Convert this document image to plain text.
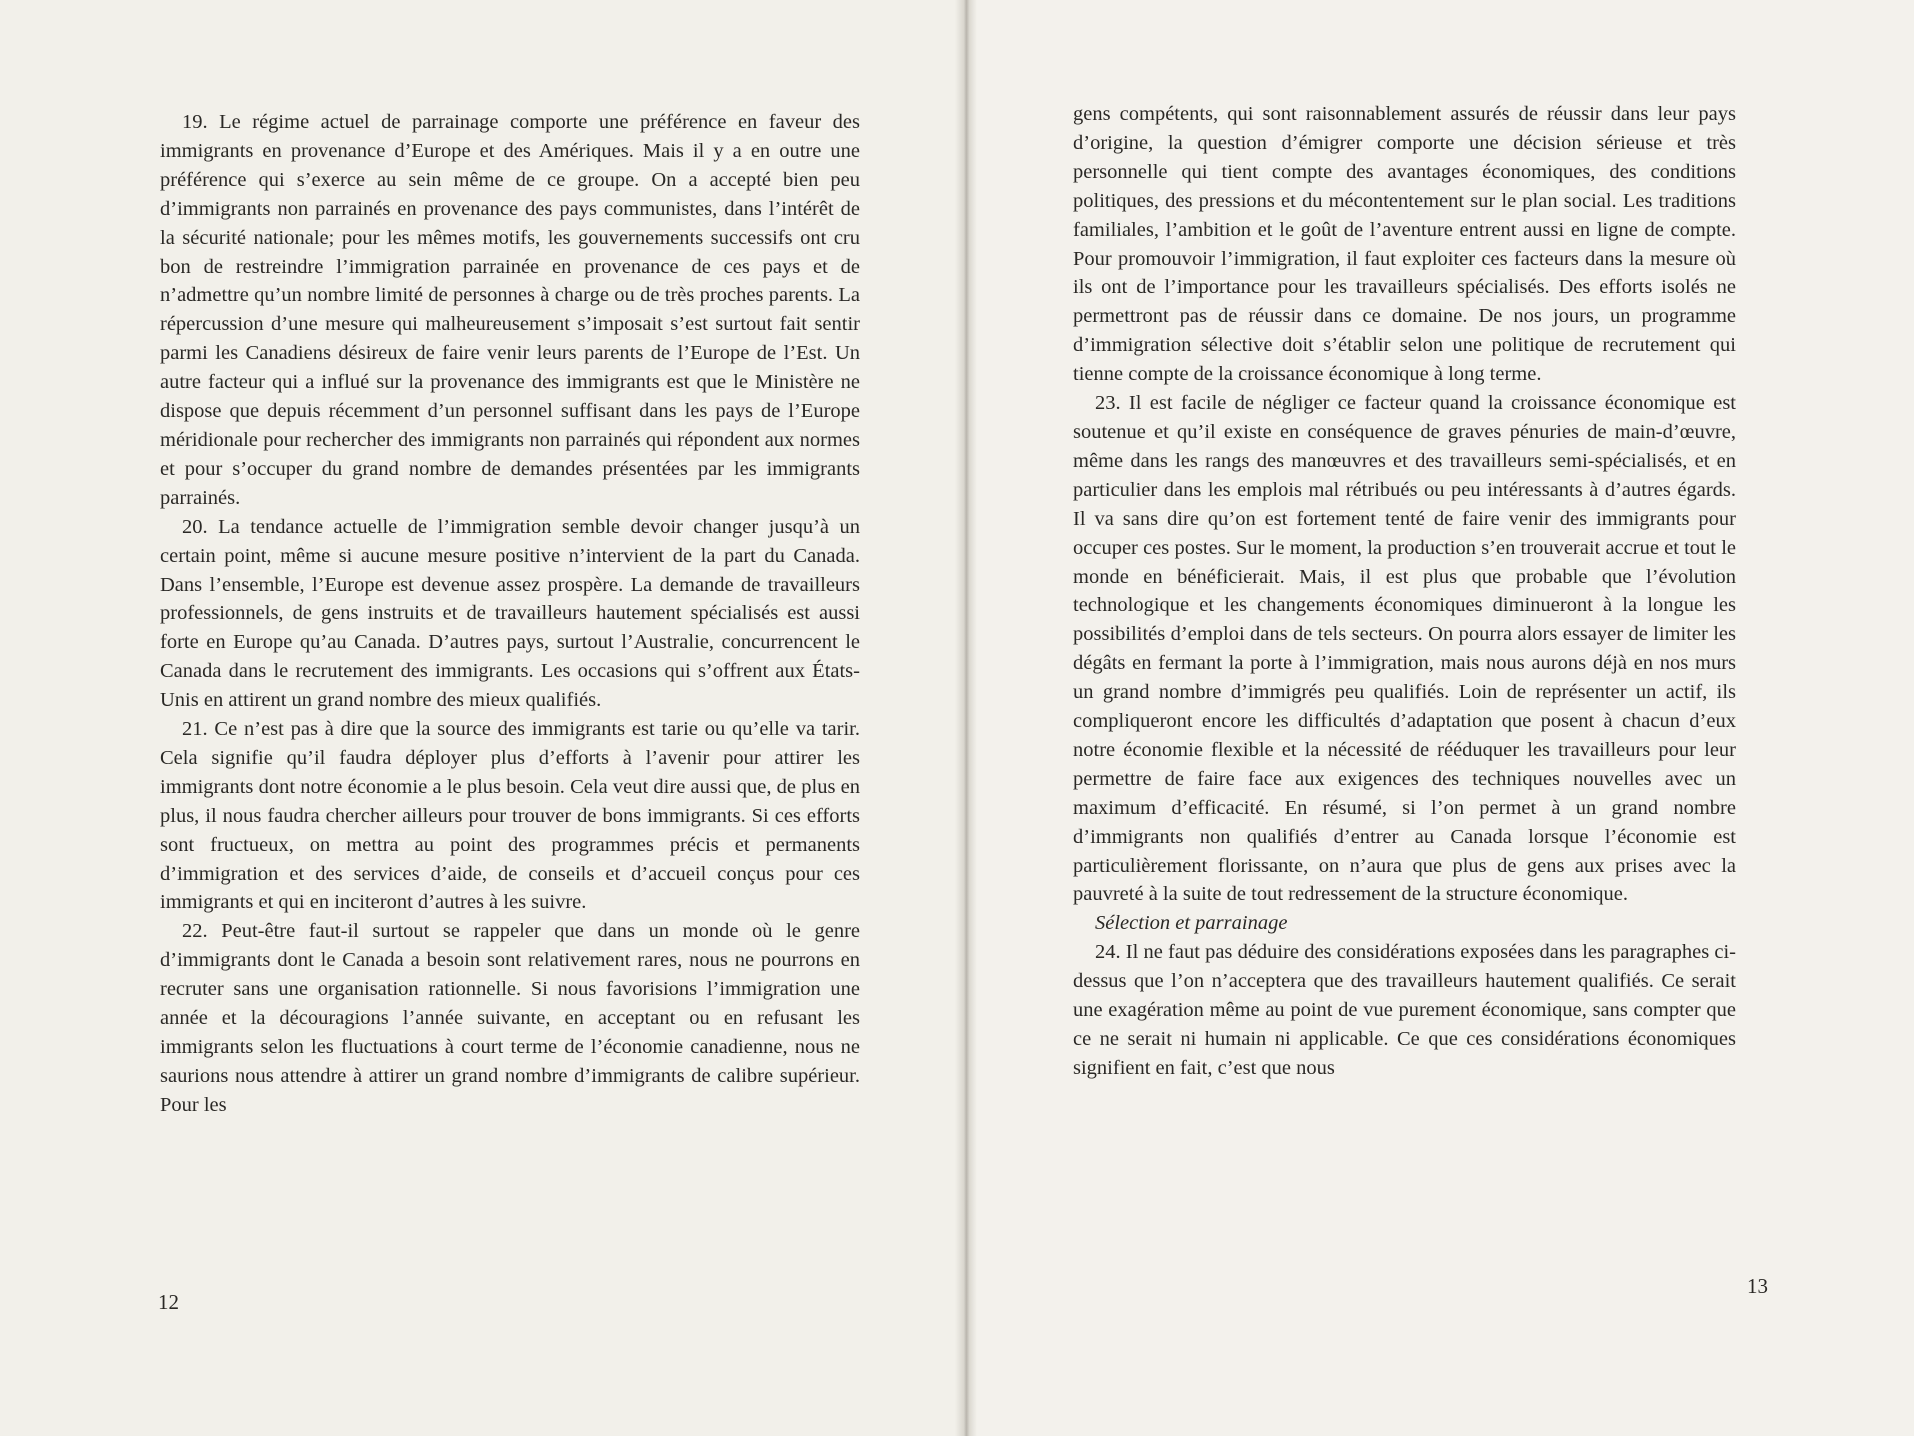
19. Le régime actuel de parrainage comporte une préférence en faveur des immigrants en provenance d’Europe et des Amériques. Mais il y a en outre une préférence qui s’exerce au sein même de ce groupe. On a accepté bien peu d’immigrants non parrainés en provenance des pays communistes, dans l’intérêt de la sécurité nationale; pour les mêmes motifs, les gouvernements successifs ont cru bon de restreindre l’immigration parrainée en provenance de ces pays et de n’admettre qu’un nombre limité de personnes à charge ou de très proches parents. La répercussion d’une mesure qui malheureusement s’imposait s’est surtout fait sentir parmi les Canadiens désireux de faire venir leurs parents de l’Europe de l’Est. Un autre facteur qui a influé sur la provenance des immigrants est que le Ministère ne dispose que depuis récemment d’un personnel suffisant dans les pays de l’Europe méridionale pour rechercher des immigrants non parrainés qui répondent aux normes et pour s’occuper du grand nombre de demandes présentées par les immigrants parrainés.

20. La tendance actuelle de l’immigration semble devoir changer jusqu’à un certain point, même si aucune mesure positive n’intervient de la part du Canada. Dans l’ensemble, l’Europe est devenue assez prospère. La demande de travailleurs professionnels, de gens instruits et de travailleurs hautement spécialisés est aussi forte en Europe qu’au Canada. D’autres pays, surtout l’Australie, concurrencent le Canada dans le recrutement des immigrants. Les occasions qui s’offrent aux États-Unis en attirent un grand nombre des mieux qualifiés.

21. Ce n’est pas à dire que la source des immigrants est tarie ou qu’elle va tarir. Cela signifie qu’il faudra déployer plus d’efforts à l’avenir pour attirer les immigrants dont notre économie a le plus besoin. Cela veut dire aussi que, de plus en plus, il nous faudra chercher ailleurs pour trouver de bons immigrants. Si ces efforts sont fructueux, on mettra au point des programmes précis et permanents d’immigration et des services d’aide, de conseils et d’accueil conçus pour ces immigrants et qui en inciteront d’autres à les suivre.

22. Peut-être faut-il surtout se rappeler que dans un monde où le genre d’immigrants dont le Canada a besoin sont relativement rares, nous ne pourrons en recruter sans une organisation rationnelle. Si nous favorisions l’immigration une année et la découragions l’année suivante, en acceptant ou en refusant les immigrants selon les fluctuations à court terme de l’économie canadienne, nous ne saurions nous attendre à attirer un grand nombre d’immigrants de calibre supérieur. Pour les

12

gens compétents, qui sont raisonnablement assurés de réussir dans leur pays d’origine, la question d’émigrer comporte une décision sérieuse et très personnelle qui tient compte des avantages économiques, des conditions politiques, des pressions et du mécontentement sur le plan social. Les traditions familiales, l’ambition et le goût de l’aventure entrent aussi en ligne de compte. Pour promouvoir l’immigration, il faut exploiter ces facteurs dans la mesure où ils ont de l’importance pour les travailleurs spécialisés. Des efforts isolés ne permettront pas de réussir dans ce domaine. De nos jours, un programme d’immigration sélective doit s’établir selon une politique de recrutement qui tienne compte de la croissance économique à long terme.

23. Il est facile de négliger ce facteur quand la croissance économique est soutenue et qu’il existe en conséquence de graves pénuries de main-d’œuvre, même dans les rangs des manœuvres et des travailleurs semi-spécialisés, et en particulier dans les emplois mal rétribués ou peu intéressants à d’autres égards. Il va sans dire qu’on est fortement tenté de faire venir des immigrants pour occuper ces postes. Sur le moment, la production s’en trouverait accrue et tout le monde en bénéficierait. Mais, il est plus que probable que l’évolution technologique et les changements économiques diminueront à la longue les possibilités d’emploi dans de tels secteurs. On pourra alors essayer de limiter les dégâts en fermant la porte à l’immigration, mais nous aurons déjà en nos murs un grand nombre d’immigrés peu qualifiés. Loin de représenter un actif, ils compliqueront encore les difficultés d’adaptation que posent à chacun d’eux notre économie flexible et la nécessité de rééduquer les travailleurs pour leur permettre de faire face aux exigences des techniques nouvelles avec un maximum d’efficacité. En résumé, si l’on permet à un grand nombre d’immigrants non qualifiés d’entrer au Canada lorsque l’économie est particulièrement florissante, on n’aura que plus de gens aux prises avec la pauvreté à la suite de tout redressement de la structure économique.

Sélection et parrainage

24. Il ne faut pas déduire des considérations exposées dans les paragraphes ci-dessus que l’on n’acceptera que des travailleurs hautement qualifiés. Ce serait une exagération même au point de vue purement économique, sans compter que ce ne serait ni humain ni applicable. Ce que ces considérations économiques signifient en fait, c’est que nous

13
